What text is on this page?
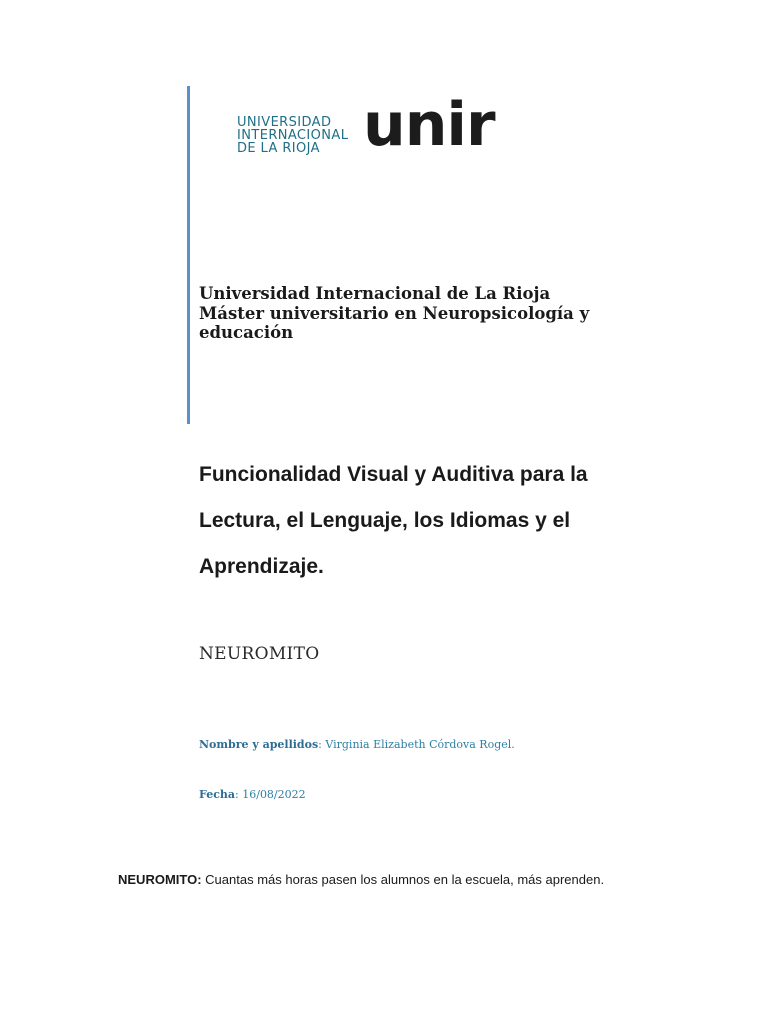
UNIVERSIDAD
INTERNACIONAL
DE LA RIOJA unir
Universidad Internacional de La Rioja
Máster universitario en Neuropsicología y
educación
Funcionalidad Visual y Auditiva para la
Lectura, el Lenguaje, los Idiomas y el
Aprendizaje.
NEUROMITO
Nombre y apellidos: Virginia Elizabeth Córdova Rogel.
Fecha: 16/08/2022
NEUROMITO: Cuantas más horas pasen los alumnos en la escuela, más aprenden.
